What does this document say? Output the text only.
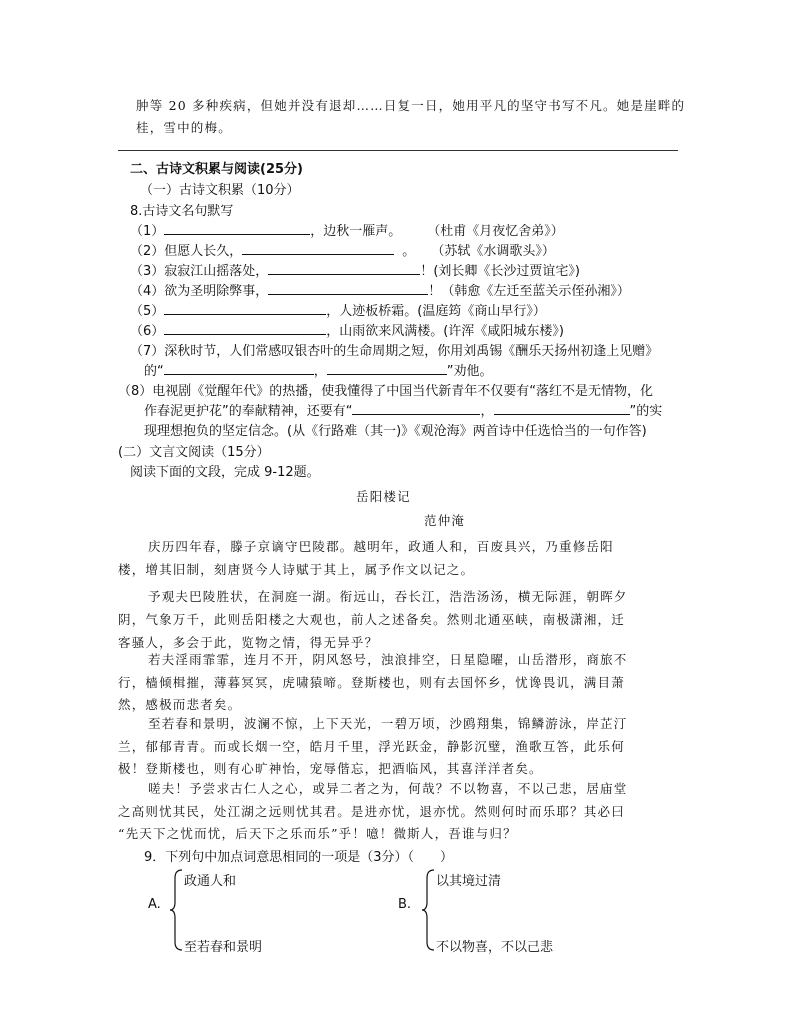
肿等 20 多种疾病，但她并没有退却……日复一日，她用平凡的坚守书写不凡。她是崖畔的
桂，雪中的梅。
二、古诗文积累与阅读(25分)
（一）古诗文积累（10分）
8.古诗文名句默写
（1）	，边秋一雁声。 （杜甫《月夜忆舍弟》）
（2）但愿人长久，	。 （苏轼《水调歌头》）
（3）寂寂江山摇落处，	！(刘长卿《长沙过贾谊宅》)
（4）欲为圣明除弊事，	！（韩愈《左迁至蓝关示侄孙湘》）
（5）	，人迹板桥霜。(温庭筠《商山早行》）
（6）	，山雨欲来风满楼。(许浑《咸阳城东楼》)
（7）深秋时节，人们常感叹银杏叶的生命周期之短，你用刘禹锡《酬乐天扬州初逢上见赠》
的“	，	”劝他。
（8）电视剧《觉醒年代》的热播，使我懂得了中国当代新青年不仅要有“落红不是无情物，化
作春泥更护花”的奉献精神，还要有“	，	”的实
现理想抱负的坚定信念。(从《行路难（其一)》《观沧海》两首诗中任选恰当的一句作答)
(二）文言文阅读（15分）
阅读下面的文段，完成 9-12题。
岳阳楼记
范仲淹
庆历四年春，滕子京谪守巴陵郡。越明年，政通人和，百废具兴，乃重修岳阳
楼，增其旧制，刻唐贤今人诗赋于其上，属予作文以记之。
予观夫巴陵胜状，在洞庭一湖。衔远山，吞长江，浩浩汤汤，横无际涯，朝晖夕
阴，气象万千，此则岳阳楼之大观也，前人之述备矣。然则北通巫峡，南极潇湘，迁
客骚人，多会于此，览物之情，得无异乎？
若夫淫雨霏霏，连月不开，阴风怒号，浊浪排空，日星隐曜，山岳潜形，商旅不
行，樯倾楫摧，薄暮冥冥，虎啸猿啼。登斯楼也，则有去国怀乡，忧谗畏讥，满目萧
然，感极而悲者矣。
至若春和景明，波澜不惊，上下天光，一碧万顷，沙鸥翔集，锦鳞游泳，岸芷汀
兰，郁郁青青。而或长烟一空，皓月千里，浮光跃金，静影沉璧，渔歌互答，此乐何
极！登斯楼也，则有心旷神怡，宠辱偕忘，把酒临风，其喜洋洋者矣。
嗟夫！予尝求古仁人之心，或异二者之为，何哉？不以物喜，不以己悲，居庙堂
之高则忧其民，处江湖之远则忧其君。是进亦忧，退亦忧。然则何时而乐耶？其必曰
“先天下之忧而忧，后天下之乐而乐”乎！噫！微斯人，吾谁与归？
9．下列句中加点词意思相同的一项是（3分）（　　）
A.
政通人和
至若春和景明
B.
以其境过清
不以物喜，不以己悲
